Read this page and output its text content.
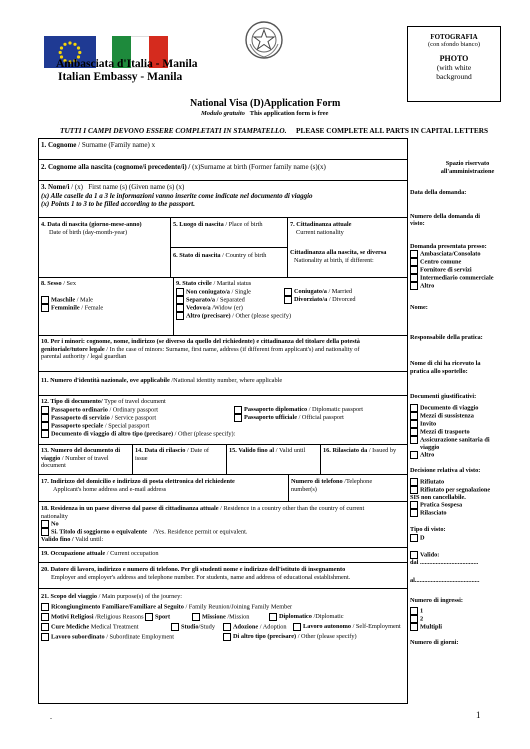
Ambasciata d'Italia - Manila
Italian Embassy - Manila
FOTOGRAFIA
(con sfondo bianco)
PHOTO
(with white
background
National Visa (D)Application Form
Modulo gratuito This application form is free
TUTTI I CAMPI DEVONO ESSERE COMPLETATI IN STAMPATELLO. PLEASE COMPLETE ALL PARTS IN CAPITAL LETTERS
1. Cognome / Surname (Family name) x
2. Cognome alla nascita (cognome/i precedente/i) / (x)Surname at birth (Former family name (s)(x)
3. Nome/i / (x) First name (s) (Given name (s) (x)
(x) Alle caselle da 1 a 3 le informazioni vanno inserite come indicate nel documento di viaggio
(x) Points 1 to 3 to be filled according to the passport.
4. Data di nascita (giorno-mese-anno)
Date of birth (day-month-year)
5. Luogo di nascita / Place of birth
6. Stato di nascita / Country of birth
7. Cittadinanza attuale
Current nationality
Cittadinanza alla nascita, se diversa
Nationality at birth, if different:
8. Sesso / Sex
Maschile / Male
Femminile / Female
9. Stato civile / Marital status
Non coniugato/a / Single	Coniugato/a / Married
Separato/a / Separated	Divorziato/a / Divorced
Vedovo/a /Widow (er)
Altro (precisare) / Other (please specify)
10. Per i minori: cognome, nome, indirizzo (se diverso da quello del richiedente) e cittadinanza del titolare della potestà
genitoriale/tutore legale / In the case of minors: Surname, first name, address (if different from applicant's) and nationality of
parental authority / legal guardian
11. Numero d'identità nazionale, ove applicabile /National identity number, where applicable
12. Tipo di documento/ Type of travel document
Passaporto ordinario / Ordinary passport	Passaporto diplomatico / Diplomatic passport
Passaporto di servizio / Service passport	Passaporto ufficiale / Official passport
Passaporto speciale / Special passport
Documento di viaggio di altro tipo (precisare) / Other (please specify):
13. Numero del documento di
viaggio / Number of travel
document
14. Data di rilascio / Date of
issue
15. Valido fino al / Valid until	16. Rilasciato da / Issued by
17. Indirizzo del domicilio e indirizzo di posta elettronica del richiedente
Applicant's home address and e-mail address
Numero di telefono /Telephone
number(s)
18. Residenza in un paese diverso dal paese di cittadinanza attuale / Residence in a country other than the country of current
nationality
No
Si. Titolo di soggiorno o equivalente /Yes. Residence permit or equivalent.
Valido fino / Valid until:
19. Occupazione attuale / Current occupation
20. Datore di lavoro, indirizzo e numero di telefono. Per gli studenti nome e indirizzo dell'istituto di insegnamento
Employer and employer's address and telephone number. For students, name and address of educational establishment.
21. Scopo del viaggio / Main purpose(s) of the journey:
Ricongiungimento Familiare/Familiare al Seguito / Family Reunion/Joining Family Member
Motivi Religiosi /Religious Reasons Sport	Missione /Mission	Diplomatico /Diplomatic
Cure Mediche Medical Treatment	Studio/Study	Adozione / Adoption	Lavoro autonomo / Self-Employment
Lavoro subordinato / Subordinate Employment	Di altro tipo (precisare) / Other (please specify)
Spazio riservato
all'amministrazione
Data della domanda:
Numero della domanda di
visto:
Domanda presentata presso:
Ambasciata/Consolato
Centro comune
Fornitore di servizi
Intermediario commerciale
Altro
Nome:
Responsabile della pratica:
Nome di chi ha ricevuto la
pratica allo sportello:
Documenti giustificativi:
Documento di viaggio
Mezzi di sussistenza
Invito
Mezzi di trasporto
Assicurazione sanitaria di
viaggio
Altro
Decisione relativa al visto:
Rifiutato
Rifiutato per segnalazione
SIS non cancellabile.
Pratica Sospesa
Rilasciato
Tipo di visto:
D
Valido:
dal .....................................
al.........................................
Numero di ingressi:
1
2
Multipli
Numero di giorni:
.	1
